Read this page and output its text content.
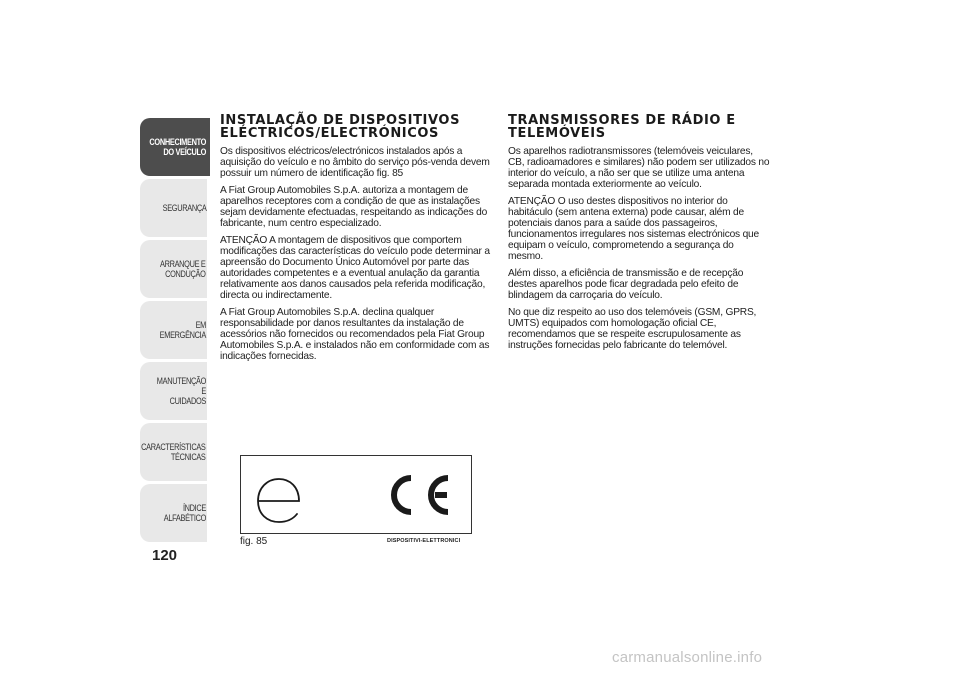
CONHECIMENTO
DO VEÍCULO
SEGURANÇA
ARRANQUE E
CONDUÇÃO
EM EMERGÊNCIA
MANUTENÇÃO E
CUIDADOS
CARACTERÍSTICAS
TÉCNICAS
ÍNDICE ALFABÉTICO
120
INSTALAÇÃO DE DISPOSITIVOS ELÉCTRICOS/ELECTRÓNICOS

Os dispositivos eléctricos/electrónicos instalados após a aquisição do veículo e no âmbito do serviço pós-venda devem possuir um número de identificação fig. 85

A Fiat Group Automobiles S.p.A. autoriza a montagem de aparelhos receptores com a condição de que as instalações sejam devidamente efectuadas, respeitando as indicações do fabricante, num centro especializado.

ATENÇÃO A montagem de dispositivos que comportem modificações das características do veículo pode determinar a apreensão do Documento Único Automóvel por parte das autoridades competentes e a eventual anulação da garantia relativamente aos danos causados pela referida modificação, directa ou indirectamente.

A Fiat Group Automobiles S.p.A. declina qualquer responsabilidade por danos resultantes da instalação de acessórios não fornecidos ou recomendados pela Fiat Group Automobiles S.p.A. e instalados não em conformidade com as indicações fornecidas.

TRANSMISSORES DE RÁDIO E TELEMÓVEIS

Os aparelhos radiotransmissores (telemóveis veiculares, CB, radioamadores e similares) não podem ser utilizados no interior do veículo, a não ser que se utilize uma antena separada montada exteriormente ao veículo.

ATENÇÃO O uso destes dispositivos no interior do habitáculo (sem antena externa) pode causar, além de potenciais danos para a saúde dos passageiros, funcionamentos irregulares nos sistemas electrónicos que equipam o veículo, comprometendo a segurança do mesmo.

Além disso, a eficiência de transmissão e de recepção destes aparelhos pode ficar degradada pelo efeito de blindagem da carroçaria do veículo.

No que diz respeito ao uso dos telemóveis (GSM, GPRS, UMTS) equipados com homologação oficial CE, recomendamos que se respeite escrupulosamente as instruções fornecidas pelo fabricante do telemóvel.

fig. 85	DISPOSITIVI-ELETTRONICI
carmanualsonline.info
